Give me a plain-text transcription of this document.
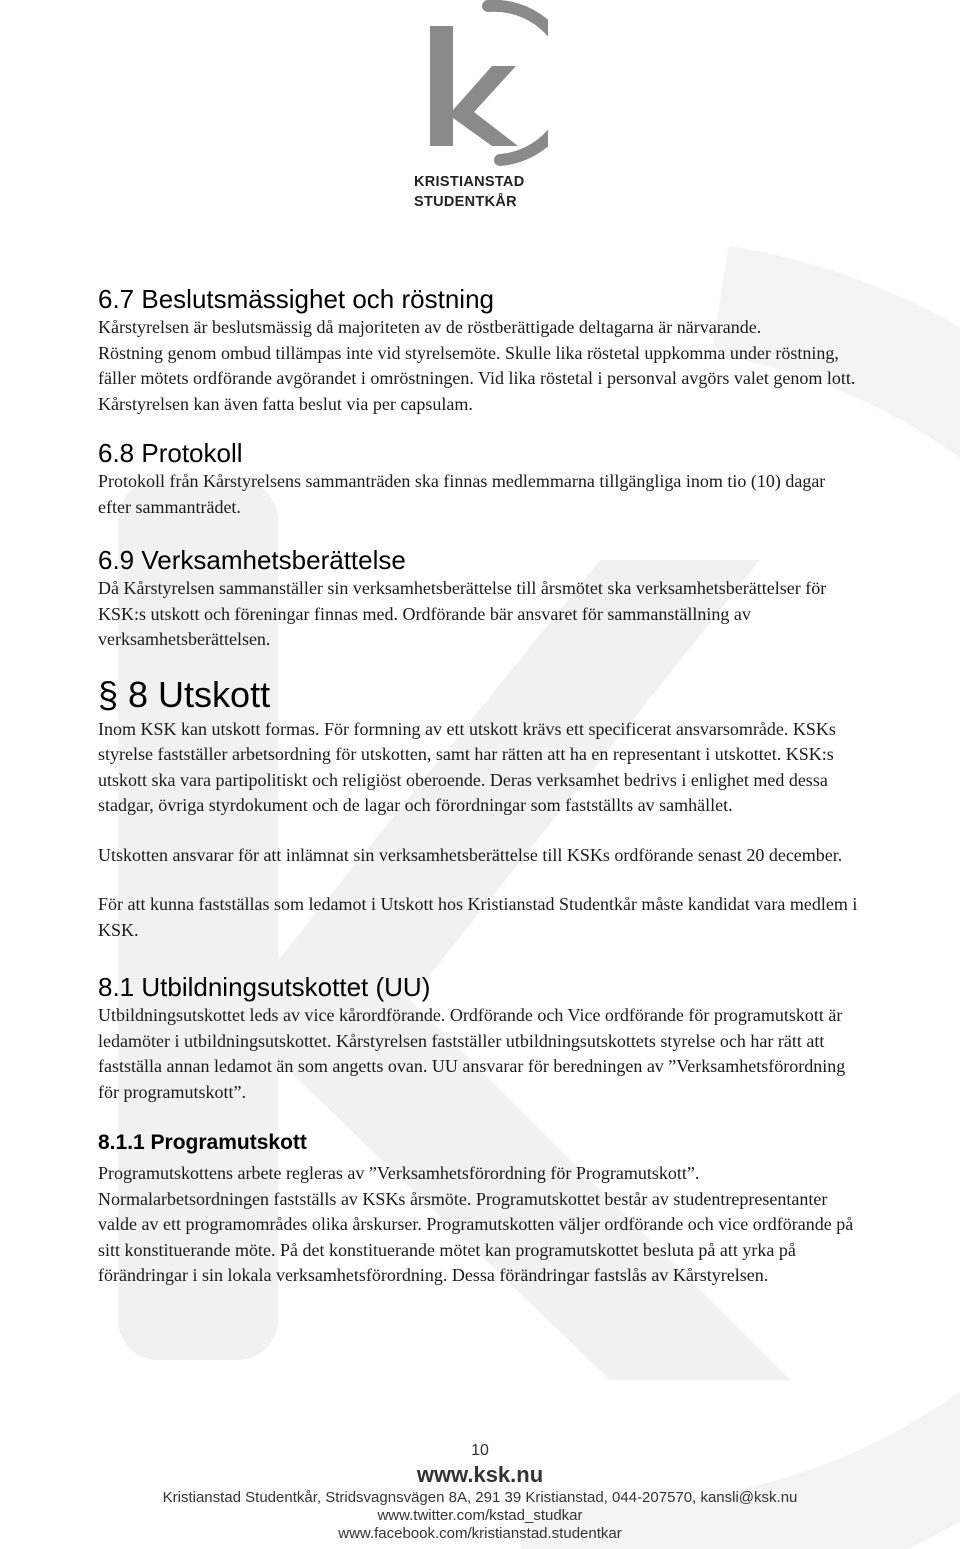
KRISTIANSTAD
STUDENTKÅR
6.7 Beslutsmässighet och röstning

Kårstyrelsen är beslutsmässig då majoriteten av de röstberättigade deltagarna är närvarande.

Röstning genom ombud tillämpas inte vid styrelsemöte. Skulle lika röstetal uppkomma under röstning, fäller mötets ordförande avgörandet i omröstningen. Vid lika röstetal i personval avgörs valet genom lott. Kårstyrelsen kan även fatta beslut via per capsulam.

6.8 Protokoll

Protokoll från Kårstyrelsens sammanträden ska finnas medlemmarna tillgängliga inom tio (10) dagar efter sammanträdet.

6.9 Verksamhetsberättelse

Då Kårstyrelsen sammanställer sin verksamhetsberättelse till årsmötet ska verksamhetsberättelser för KSK:s utskott och föreningar finnas med. Ordförande bär ansvaret för sammanställning av verksamhetsberättelsen.

§ 8 Utskott

Inom KSK kan utskott formas. För formning av ett utskott krävs ett specificerat ansvarsområde. KSKs styrelse fastställer arbetsordning för utskotten, samt har rätten att ha en representant i utskottet. KSK:s utskott ska vara partipolitiskt och religiöst oberoende. Deras verksamhet bedrivs i enlighet med dessa stadgar, övriga styrdokument och de lagar och förordningar som fastställts av samhället.

Utskotten ansvarar för att inlämnat sin verksamhetsberättelse till KSKs ordförande senast 20 december.

För att kunna fastställas som ledamot i Utskott hos Kristianstad Studentkår måste kandidat vara medlem i KSK.

8.1 Utbildningsutskottet (UU)

Utbildningsutskottet leds av vice kårordförande. Ordförande och Vice ordförande för programutskott är ledamöter i utbildningsutskottet. Kårstyrelsen fastställer utbildningsutskottets styrelse och har rätt att fastställa annan ledamot än som angetts ovan. UU ansvarar för beredningen av ”Verksamhetsförordning för programutskott”.

8.1.1 Programutskott

Programutskottens arbete regleras av ”Verksamhetsförordning för Programutskott”. Normalarbetsordningen fastställs av KSKs årsmöte. Programutskottet består av studentrepresentanter valde av ett programområdes olika årskurser. Programutskotten väljer ordförande och vice ordförande på sitt konstituerande möte. På det konstituerande mötet kan programutskottet besluta på att yrka på förändringar i sin lokala verksamhetsförordning. Dessa förändringar fastslås av Kårstyrelsen.

10
www.ksk.nu
Kristianstad Studentkår, Stridsvagnsvägen 8A, 291 39 Kristianstad, 044-207570, kansli@ksk.nu
www.twitter.com/kstad_studkar
www.facebook.com/kristianstad.studentkar
